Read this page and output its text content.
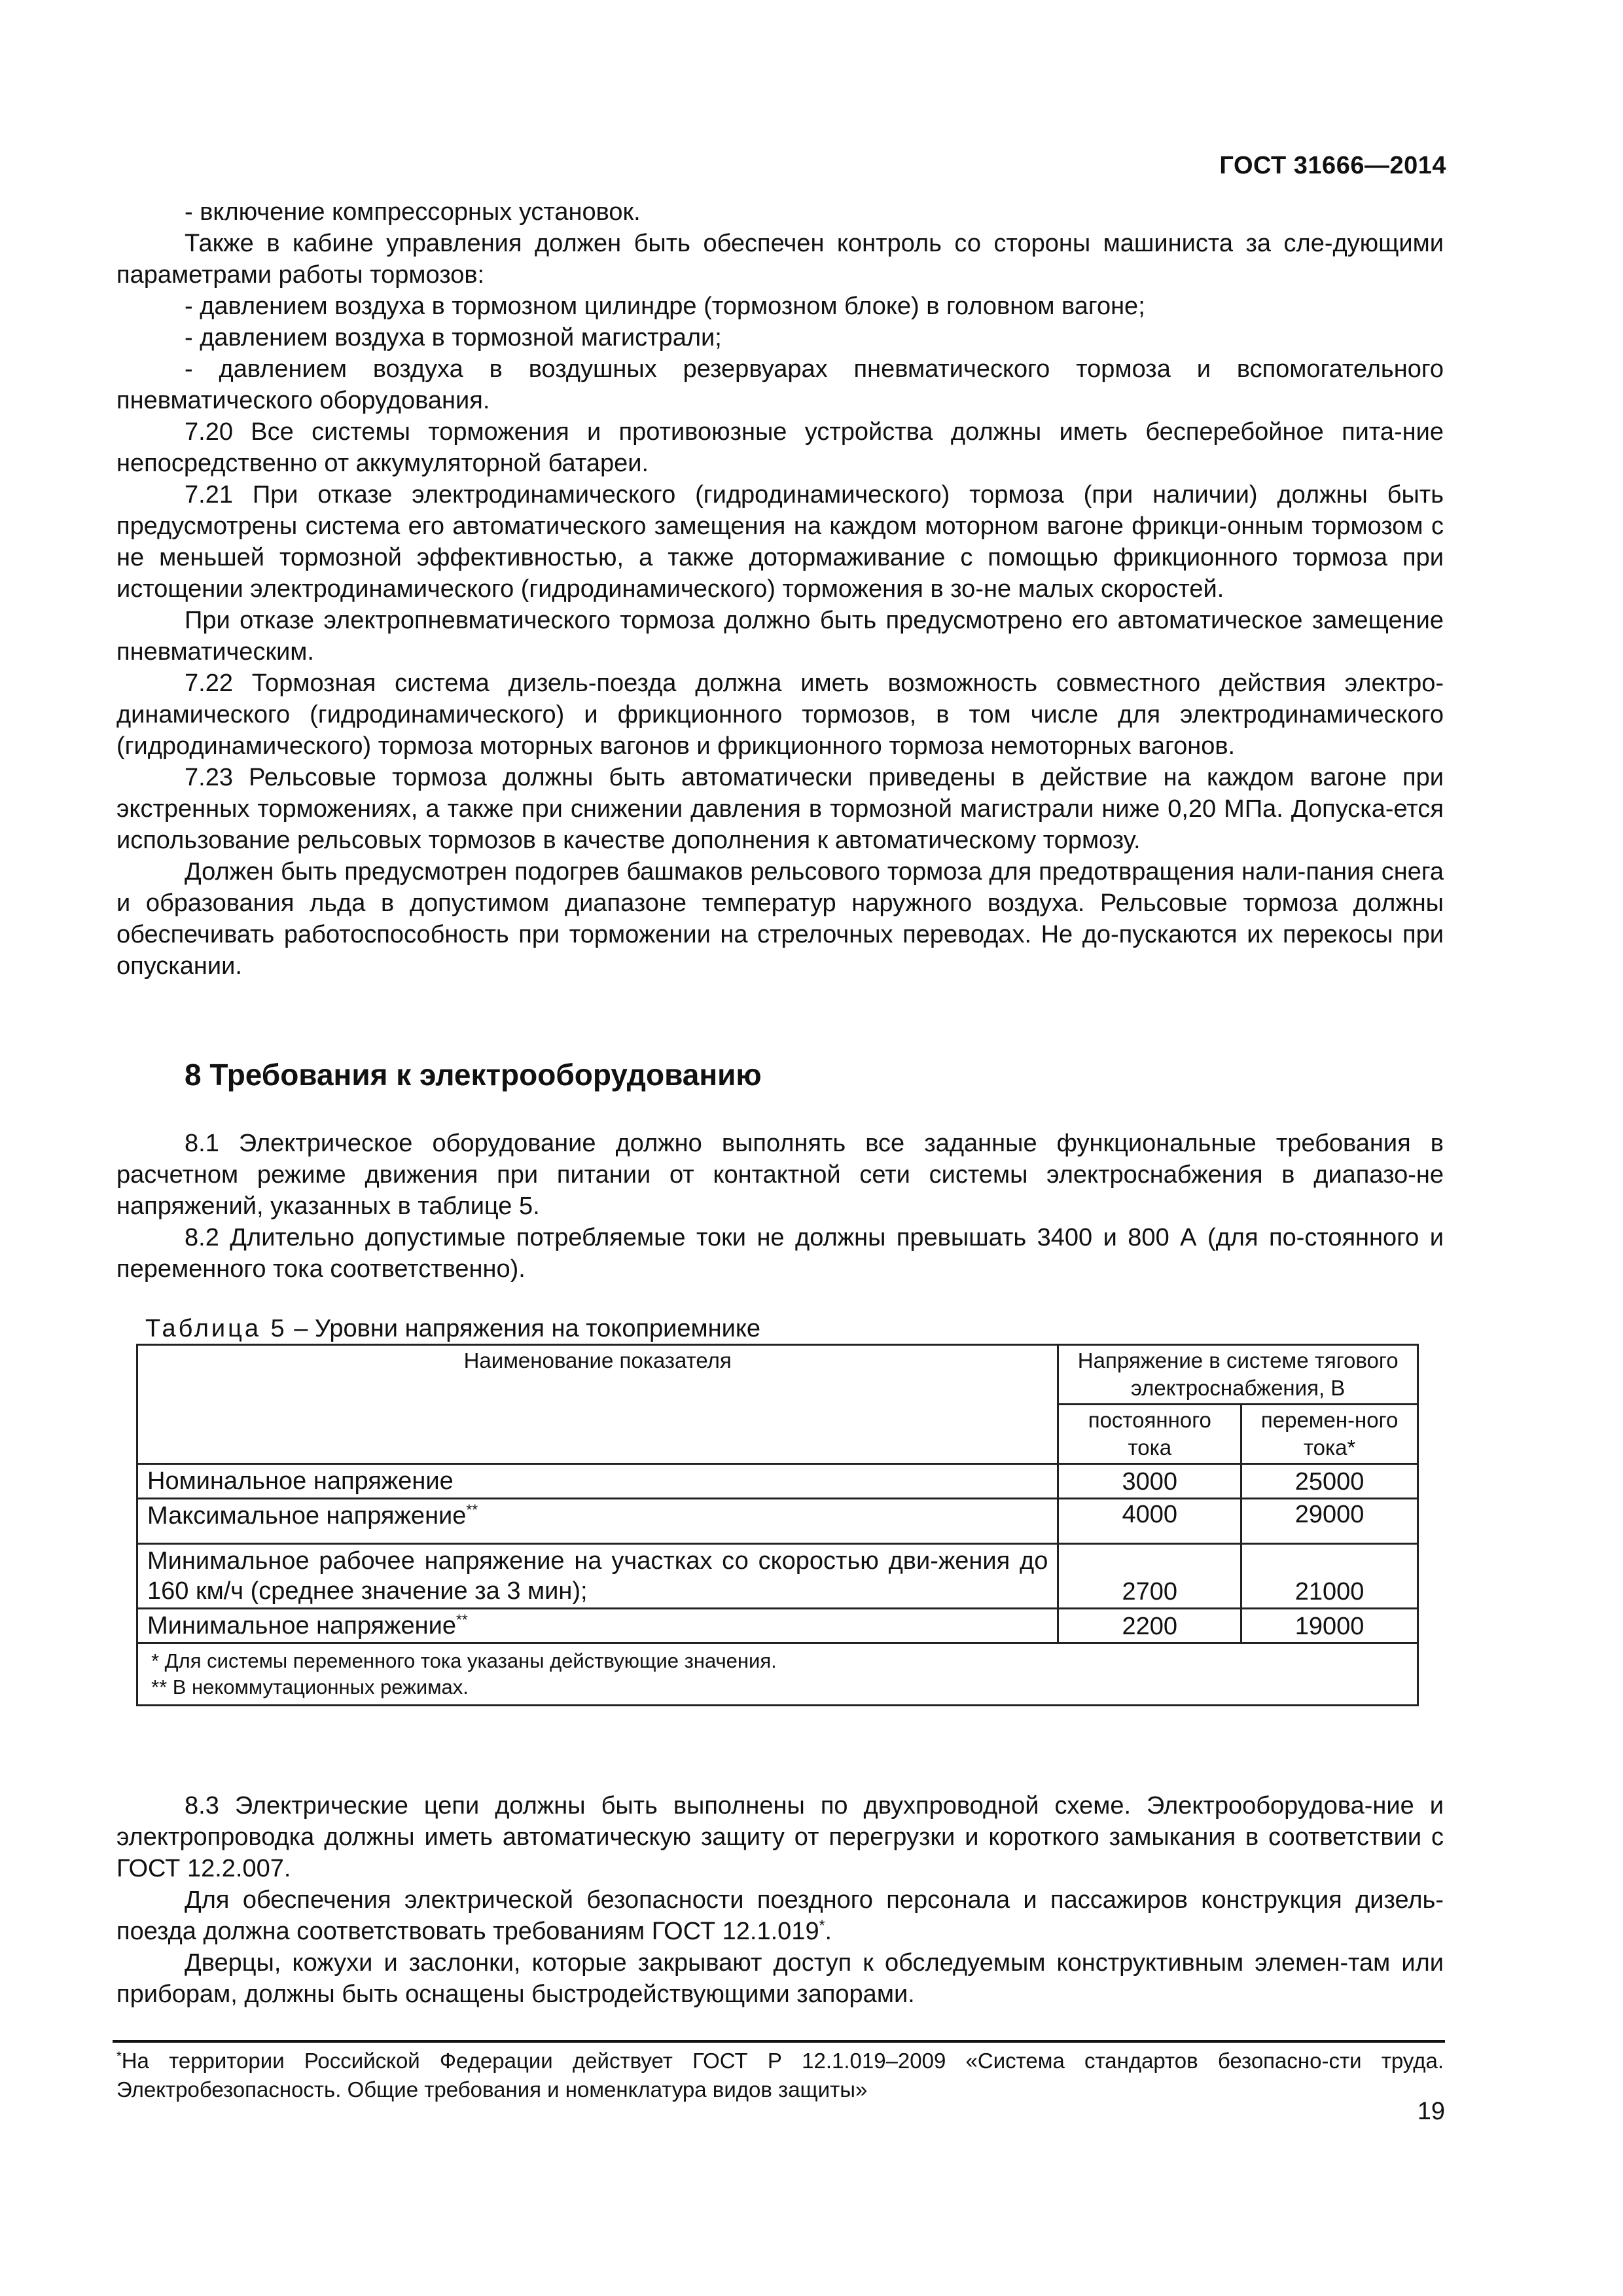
ГОСТ 31666—2014

- включение компрессорных установок.

Также в кабине управления должен быть обеспечен контроль со стороны машиниста за сле-дующими параметрами работы тормозов:

- давлением воздуха в тормозном цилиндре (тормозном блоке) в головном вагоне;

- давлением воздуха в тормозной магистрали;

- давлением воздуха в воздушных резервуарах пневматического тормоза и вспомогательного пневматического оборудования.

7.20 Все системы торможения и противоюзные устройства должны иметь бесперебойное пита-ние непосредственно от аккумуляторной батареи.

7.21 При отказе электродинамического (гидродинамического) тормоза (при наличии) должны быть предусмотрены система его автоматического замещения на каждом моторном вагоне фрикци-онным тормозом с не меньшей тормозной эффективностью, а также дотормаживание с помощью фрикционного тормоза при истощении электродинамического (гидродинамического) торможения в зо-не малых скоростей.

При отказе электропневматического тормоза должно быть предусмотрено его автоматическое замещение пневматическим.

7.22 Тормозная система дизель-поезда должна иметь возможность совместного действия электро-динамического (гидродинамического) и фрикционного тормозов, в том числе для электродинамического (гидродинамического) тормоза моторных вагонов и фрикционного тормоза немоторных вагонов.

7.23 Рельсовые тормоза должны быть автоматически приведены в действие на каждом вагоне при экстренных торможениях, а также при снижении давления в тормозной магистрали ниже 0,20 МПа. Допуска-ется использование рельсовых тормозов в качестве дополнения к автоматическому тормозу.

Должен быть предусмотрен подогрев башмаков рельсового тормоза для предотвращения нали-пания снега и образования льда в допустимом диапазоне температур наружного воздуха. Рельсовые тормоза должны обеспечивать работоспособность при торможении на стрелочных переводах. Не до-пускаются их перекосы при опускании.

8 Требования к электрооборудованию

8.1 Электрическое оборудование должно выполнять все заданные функциональные требования в расчетном режиме движения при питании от контактной сети системы электроснабжения в диапазо-не напряжений, указанных в таблице 5.

8.2 Длительно допустимые потребляемые токи не должны превышать 3400 и 800 А (для по-стоянного и переменного тока соответственно).

Таблица 5 – Уровни напряжения на токоприемнике
Наименование показателя	Напряжение в системе тягового электроснабжения, В	
	постоянного тока	перемен-ного тока*
Номинальное напряжение	3000	25000
Максимальное напряжение**	4000	29000
Минимальное рабочее напряжение на участках со скоростью дви-жения до 160 км/ч (среднее значение за 3 мин);	2700	21000
Минимальное напряжение**	2200	19000

* Для системы переменного тока указаны действующие значения.
** В некоммутационных режимах.		

8.3 Электрические цепи должны быть выполнены по двухпроводной схеме. Электрооборудова-ние и электропроводка должны иметь автоматическую защиту от перегрузки и короткого замыкания в соответствии с ГОСТ 12.2.007.

Для обеспечения электрической безопасности поездного персонала и пассажиров конструкция дизель-поезда должна соответствовать требованиям ГОСТ 12.1.019*.

Дверцы, кожухи и заслонки, которые закрывают доступ к обследуемым конструктивным элемен-там или приборам, должны быть оснащены быстродействующими запорами.

*На территории Российской Федерации действует ГОСТ Р 12.1.019–2009 «Система стандартов безопасно-сти труда. Электробезопасность. Общие требования и номенклатура видов защиты»
19
